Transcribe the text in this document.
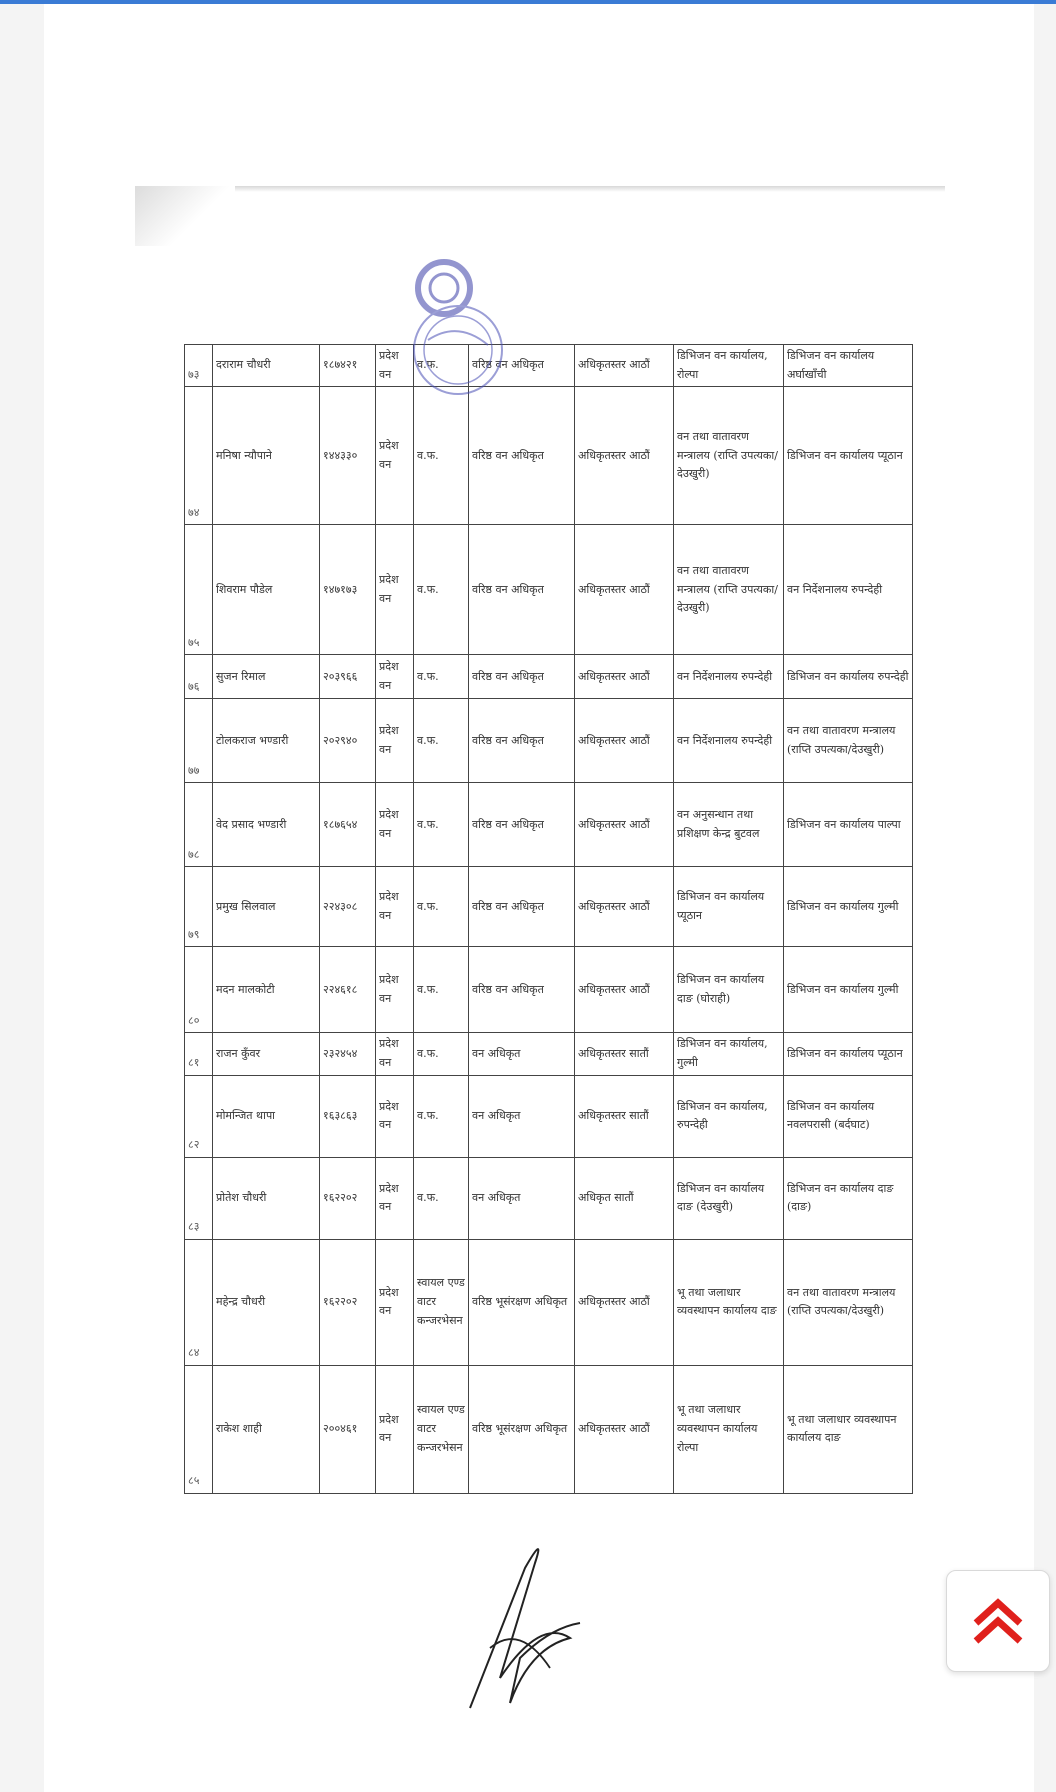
७३	दराराम चौधरी	१८७४२१	प्रदेश वन	व.फ.	वरिष्ठ वन अधिकृत	अधिकृतस्तर आठौं	डिभिजन वन कार्यालय, रोल्पा	डिभिजन वन कार्यालय अर्घाखाँची
७४	मनिषा न्यौपाने	१४४३३०	प्रदेश वन	व.फ.	वरिष्ठ वन अधिकृत	अधिकृतस्तर आठौं	वन तथा वातावरण मन्त्रालय (राप्ति उपत्यका/देउखुरी)	डिभिजन वन कार्यालय प्यूठान
७५	शिवराम पौडेल	१४७१७३	प्रदेश वन	व.फ.	वरिष्ठ वन अधिकृत	अधिकृतस्तर आठौं	वन तथा वातावरण मन्त्रालय (राप्ति उपत्यका/देउखुरी)	वन निर्देशनालय रुपन्देही
७६	सुजन रिमाल	२०३९६६	प्रदेश वन	व.फ.	वरिष्ठ वन अधिकृत	अधिकृतस्तर आठौं	वन निर्देशनालय रुपन्देही	डिभिजन वन कार्यालय रुपन्देही
७७	टोलकराज भण्डारी	२०२९४०	प्रदेश वन	व.फ.	वरिष्ठ वन अधिकृत	अधिकृतस्तर आठौं	वन निर्देशनालय रुपन्देही	वन तथा वातावरण मन्त्रालय (राप्ति उपत्यका/देउखुरी)
७८	वेद प्रसाद भण्डारी	१८७६५४	प्रदेश वन	व.फ.	वरिष्ठ वन अधिकृत	अधिकृतस्तर आठौं	वन अनुसन्धान तथा प्रशिक्षण केन्द्र बुटवल	डिभिजन वन कार्यालय पाल्पा
७९	प्रमुख सिलवाल	२२४३०८	प्रदेश वन	व.फ.	वरिष्ठ वन अधिकृत	अधिकृतस्तर आठौं	डिभिजन वन कार्यालय प्यूठान	डिभिजन वन कार्यालय गुल्मी
८०	मदन मालकोटी	२२४६१८	प्रदेश वन	व.फ.	वरिष्ठ वन अधिकृत	अधिकृतस्तर आठौं	डिभिजन वन कार्यालय दाङ (घोराही)	डिभिजन वन कार्यालय गुल्मी
८१	राजन कुँवर	२३२४५४	प्रदेश वन	व.फ.	वन अधिकृत	अधिकृतस्तर सातौं	डिभिजन वन कार्यालय, गुल्मी	डिभिजन वन कार्यालय प्यूठान
८२	मोमन्जित थापा	१६३८६३	प्रदेश वन	व.फ.	वन अधिकृत	अधिकृतस्तर सातौं	डिभिजन वन कार्यालय, रुपन्देही	डिभिजन वन कार्यालय नवलपरासी (बर्दघाट)
८३	प्रोतेश चौधरी	१६२२०२	प्रदेश वन	व.फ.	वन अधिकृत	अधिकृत सातौं	डिभिजन वन कार्यालय दाङ (देउखुरी)	डिभिजन वन कार्यालय दाङ (दाङ)
८४	महेन्द्र चौधरी	१६२२०२	प्रदेश वन	स्वायल एण्ड वाटर कन्जरभेसन	वरिष्ठ भूसंरक्षण अधिकृत	अधिकृतस्तर आठौं	भू तथा जलाधार व्यवस्थापन कार्यालय दाङ	वन तथा वातावरण मन्त्रालय (राप्ति उपत्यका/देउखुरी)
८५	राकेश शाही	२००४६१	प्रदेश वन	स्वायल एण्ड वाटर कन्जरभेसन	वरिष्ठ भूसंरक्षण अधिकृत	अधिकृतस्तर आठौं	भू तथा जलाधार व्यवस्थापन कार्यालय रोल्पा	भू तथा जलाधार व्यवस्थापन कार्यालय दाङ
